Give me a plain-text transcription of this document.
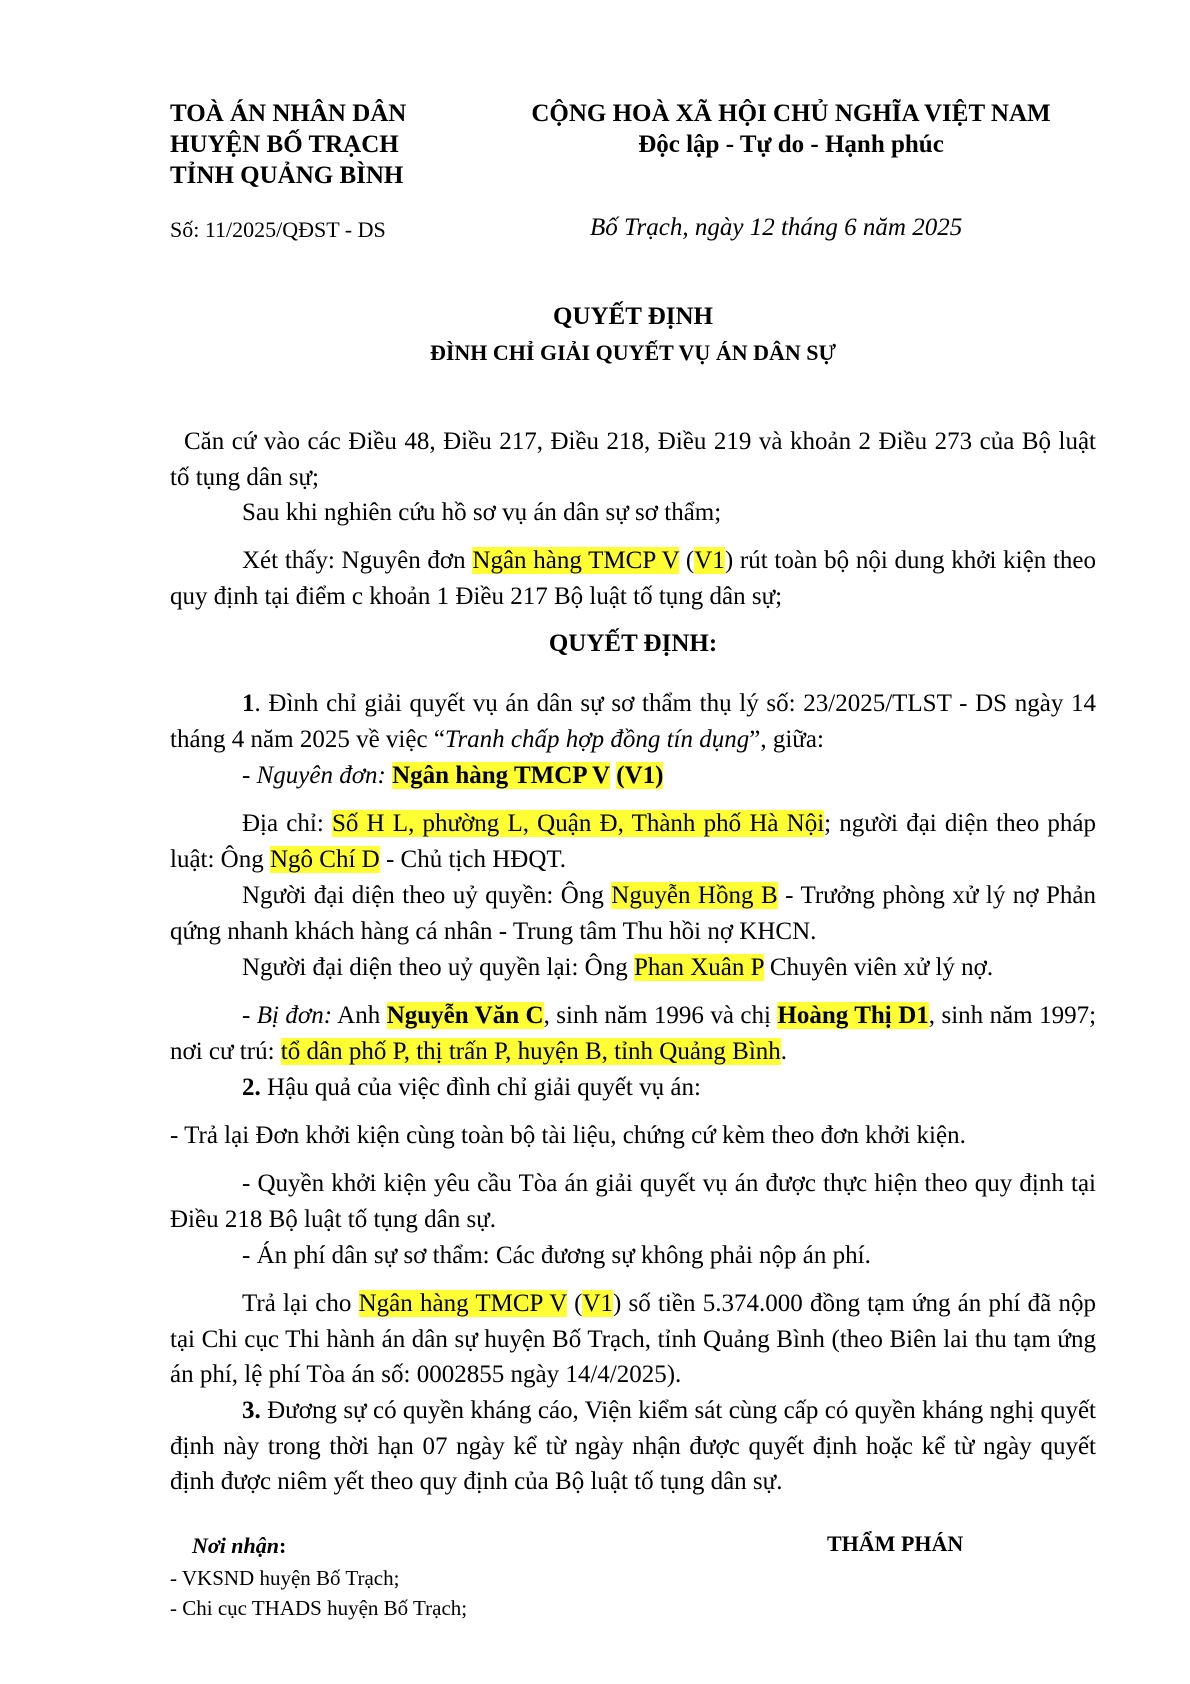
TOÀ ÁN NHÂN DÂN
HUYỆN BỐ TRẠCH
TỈNH QUẢNG BÌNH
CỘNG HOÀ XÃ HỘI CHỦ NGHĨA VIỆT NAM
Độc lập - Tự do - Hạnh phúc
Số: 11/2025/QĐST - DS	Bố Trạch, ngày 12 tháng 6 năm 2025
QUYẾT ĐỊNH
ĐÌNH CHỈ GIẢI QUYẾT VỤ ÁN DÂN SỰ
Căn cứ vào các Điều 48, Điều 217, Điều 218, Điều 219 và khoản 2 Điều 273 của Bộ luật tố tụng dân sự;
Sau khi nghiên cứu hồ sơ vụ án dân sự sơ thẩm;
Xét thấy: Nguyên đơn Ngân hàng TMCP V (V1) rút toàn bộ nội dung khởi kiện theo quy định tại điểm c khoản 1 Điều 217 Bộ luật tố tụng dân sự;
QUYẾT ĐỊNH:
1. Đình chỉ giải quyết vụ án dân sự sơ thẩm thụ lý số: 23/2025/TLST - DS ngày 14 tháng 4 năm 2025 về việc “Tranh chấp hợp đồng tín dụng”, giữa:
- Nguyên đơn: Ngân hàng TMCP V (V1)
Địa chỉ: Số H L, phường L, Quận Đ, Thành phố Hà Nội; người đại diện theo pháp luật: Ông Ngô Chí D - Chủ tịch HĐQT.
Người đại diện theo uỷ quyền: Ông Nguyễn Hồng B - Trưởng phòng xử lý nợ Phản qứng nhanh khách hàng cá nhân - Trung tâm Thu hồi nợ KHCN.
Người đại diện theo uỷ quyền lại: Ông Phan Xuân P Chuyên viên xử lý nợ.
- Bị đơn: Anh Nguyễn Văn C, sinh năm 1996 và chị Hoàng Thị D1, sinh năm 1997; nơi cư trú: tổ dân phố P, thị trấn P, huyện B, tỉnh Quảng Bình.
2. Hậu quả của việc đình chỉ giải quyết vụ án:
- Trả lại Đơn khởi kiện cùng toàn bộ tài liệu, chứng cứ kèm theo đơn khởi kiện.
- Quyền khởi kiện yêu cầu Tòa án giải quyết vụ án được thực hiện theo quy định tại Điều 218 Bộ luật tố tụng dân sự.
- Án phí dân sự sơ thẩm: Các đương sự không phải nộp án phí.
Trả lại cho Ngân hàng TMCP V (V1) số tiền 5.374.000 đồng tạm ứng án phí đã nộp tại Chi cục Thi hành án dân sự huyện Bố Trạch, tỉnh Quảng Bình (theo Biên lai thu tạm ứng án phí, lệ phí Tòa án số: 0002855 ngày 14/4/2025).
3. Đương sự có quyền kháng cáo, Viện kiểm sát cùng cấp có quyền kháng nghị quyết định này trong thời hạn 07 ngày kể từ ngày nhận được quyết định hoặc kể từ ngày quyết định được niêm yết theo quy định của Bộ luật tố tụng dân sự.
Nơi nhận:
- VKSND huyện Bố Trạch;
- Chi cục THADS huyện Bố Trạch;
THẨM PHÁN
